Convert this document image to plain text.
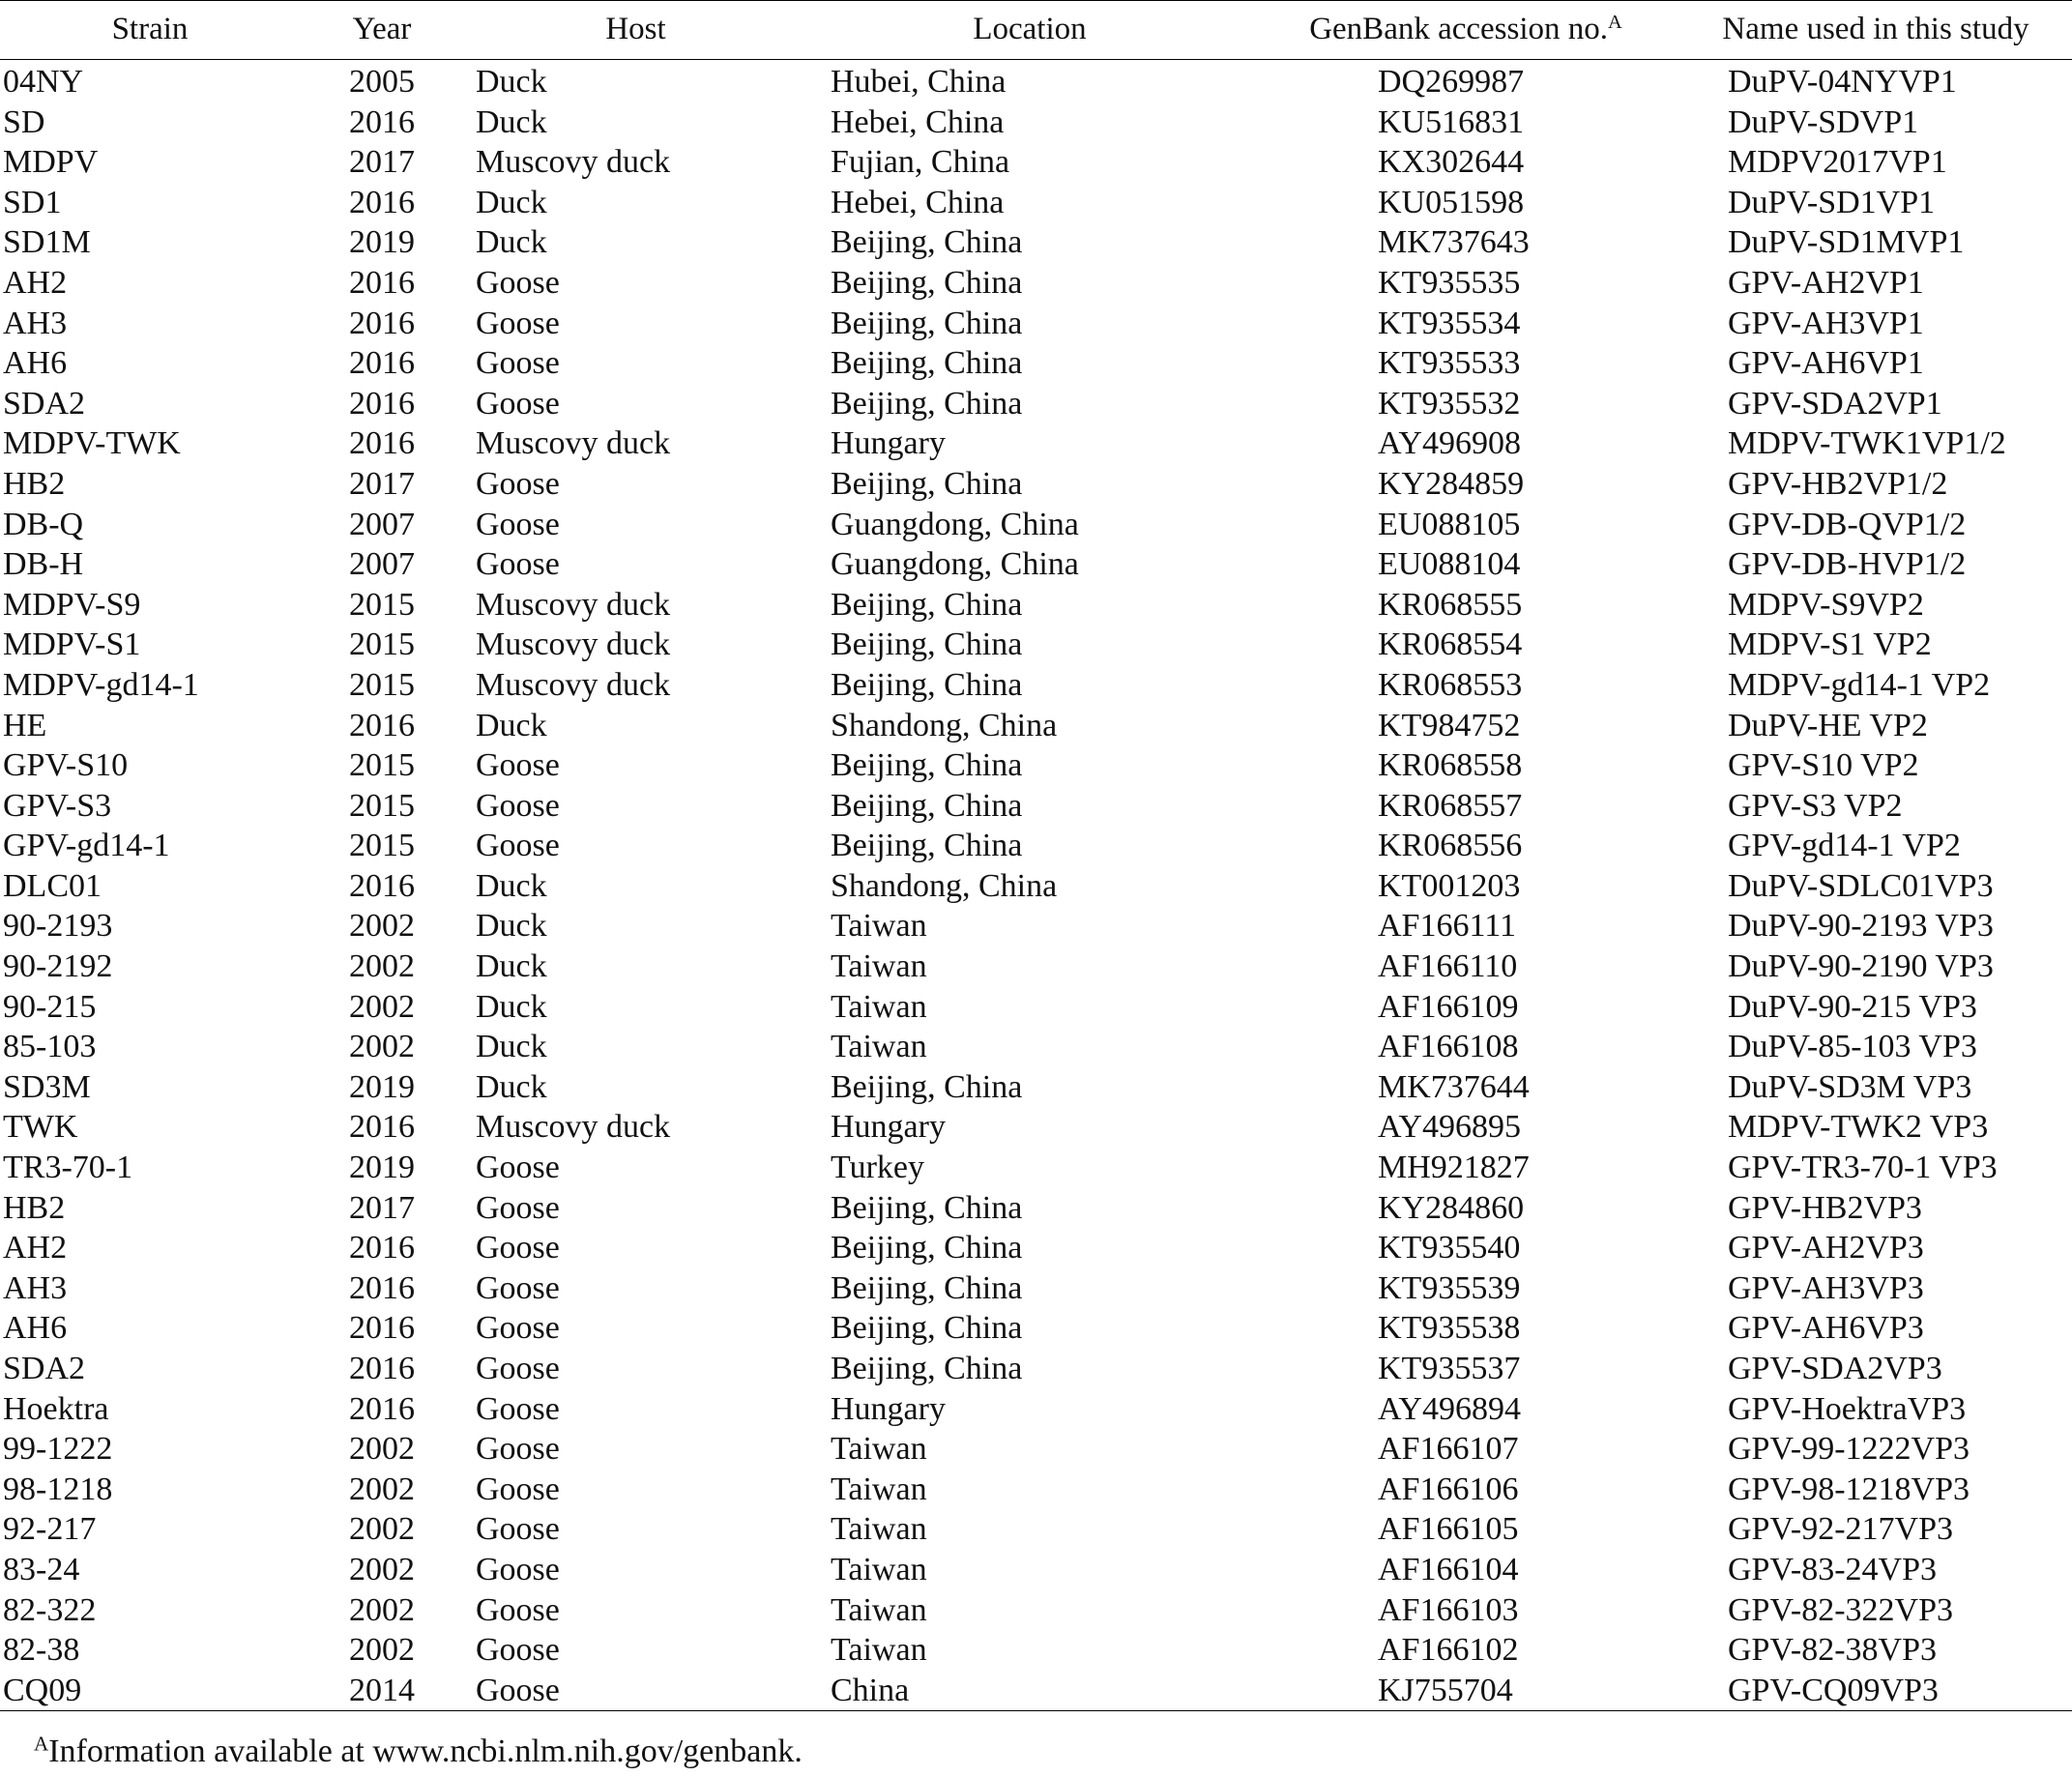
Strain	Year	Host	Location	GenBank accession no.$^A$	Name used in this study
04NY	2005	Duck	Hubei, China	DQ269987	DuPV-04NYVP1
SD	2016	Duck	Hebei, China	KU516831	DuPV-SDVP1
MDPV	2017	Muscovy duck	Fujian, China	KX302644	MDPV2017VP1
SD1	2016	Duck	Hebei, China	KU051598	DuPV-SD1VP1
SD1M	2019	Duck	Beijing, China	MK737643	DuPV-SD1MVP1
AH2	2016	Goose	Beijing, China	KT935535	GPV-AH2VP1
AH3	2016	Goose	Beijing, China	KT935534	GPV-AH3VP1
AH6	2016	Goose	Beijing, China	KT935533	GPV-AH6VP1
SDA2	2016	Goose	Beijing, China	KT935532	GPV-SDA2VP1
MDPV-TWK	2016	Muscovy duck	Hungary	AY496908	MDPV-TWK1VP1/2
HB2	2017	Goose	Beijing, China	KY284859	GPV-HB2VP1/2
DB-Q	2007	Goose	Guangdong, China	EU088105	GPV-DB-QVP1/2
DB-H	2007	Goose	Guangdong, China	EU088104	GPV-DB-HVP1/2
MDPV-S9	2015	Muscovy duck	Beijing, China	KR068555	MDPV-S9VP2
MDPV-S1	2015	Muscovy duck	Beijing, China	KR068554	MDPV-S1 VP2
MDPV-gd14-1	2015	Muscovy duck	Beijing, China	KR068553	MDPV-gd14-1 VP2
HE	2016	Duck	Shandong, China	KT984752	DuPV-HE VP2
GPV-S10	2015	Goose	Beijing, China	KR068558	GPV-S10 VP2
GPV-S3	2015	Goose	Beijing, China	KR068557	GPV-S3 VP2
GPV-gd14-1	2015	Goose	Beijing, China	KR068556	GPV-gd14-1 VP2
DLC01	2016	Duck	Shandong, China	KT001203	DuPV-SDLC01VP3
90-2193	2002	Duck	Taiwan	AF166111	DuPV-90-2193 VP3
90-2192	2002	Duck	Taiwan	AF166110	DuPV-90-2190 VP3
90-215	2002	Duck	Taiwan	AF166109	DuPV-90-215 VP3
85-103	2002	Duck	Taiwan	AF166108	DuPV-85-103 VP3
SD3M	2019	Duck	Beijing, China	MK737644	DuPV-SD3M VP3
TWK	2016	Muscovy duck	Hungary	AY496895	MDPV-TWK2 VP3
TR3-70-1	2019	Goose	Turkey	MH921827	GPV-TR3-70-1 VP3
HB2	2017	Goose	Beijing, China	KY284860	GPV-HB2VP3
AH2	2016	Goose	Beijing, China	KT935540	GPV-AH2VP3
AH3	2016	Goose	Beijing, China	KT935539	GPV-AH3VP3
AH6	2016	Goose	Beijing, China	KT935538	GPV-AH6VP3
SDA2	2016	Goose	Beijing, China	KT935537	GPV-SDA2VP3
Hoektra	2016	Goose	Hungary	AY496894	GPV-HoektraVP3
99-1222	2002	Goose	Taiwan	AF166107	GPV-99-1222VP3
98-1218	2002	Goose	Taiwan	AF166106	GPV-98-1218VP3
92-217	2002	Goose	Taiwan	AF166105	GPV-92-217VP3
83-24	2002	Goose	Taiwan	AF166104	GPV-83-24VP3
82-322	2002	Goose	Taiwan	AF166103	GPV-82-322VP3
82-38	2002	Goose	Taiwan	AF166102	GPV-82-38VP3
CQ09	2014	Goose	China	KJ755704	GPV-CQ09VP3
$^A$Information available at www.ncbi.nlm.nih.gov/genbank.
